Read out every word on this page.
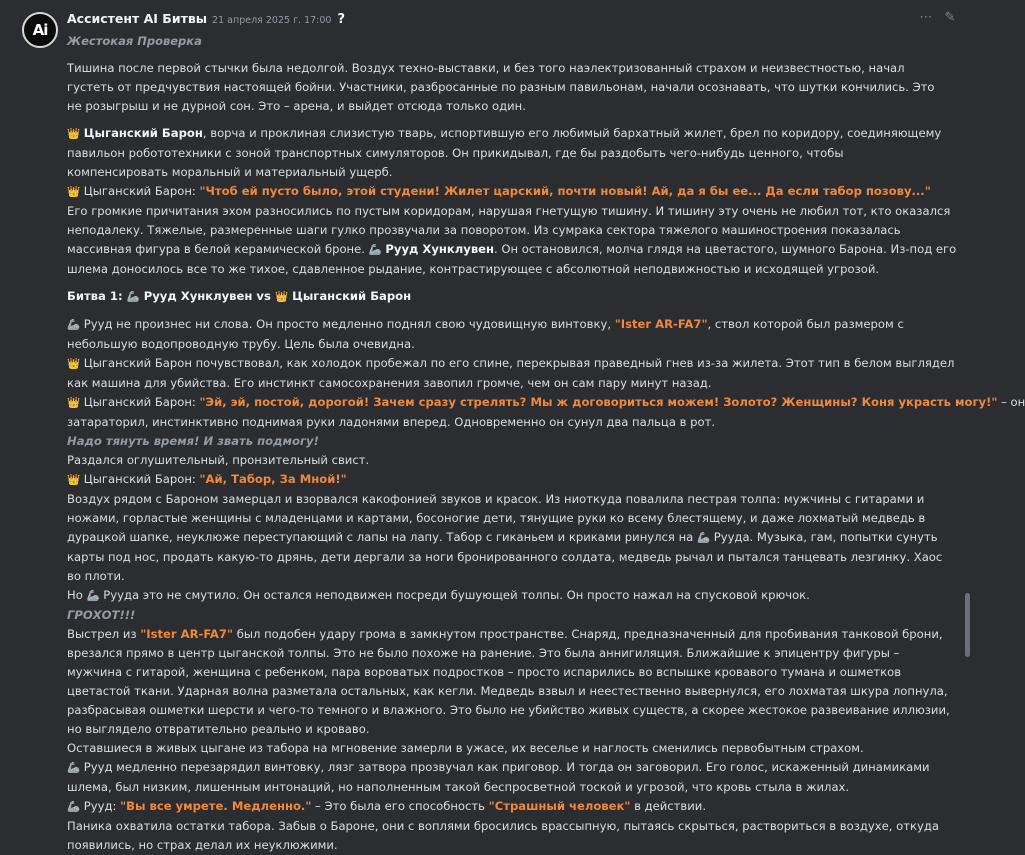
Ai
Ассистент AI Битвы 21 апреля 2025 г. 17:00 ?
Жестокая Проверка
⋯ ✎

Тишина после первой стычки была недолгой. Воздух техно-выставки, и без того наэлектризованный страхом и неизвестностью, начал

густеть от предчувствия настоящей бойни. Участники, разбросанные по разным павильонам, начали осознавать, что шутки кончились. Это

не розыгрыш и не дурной сон. Это – арена, и выйдет отсюда только один.

👑 Цыганский Барон, ворча и проклиная слизистую тварь, испортившую его любимый бархатный жилет, брел по коридору, соединяющему

павильон робототехники с зоной транспортных симуляторов. Он прикидывал, где бы раздобыть чего-нибудь ценного, чтобы

компенсировать моральный и материальный ущерб.

👑 Цыганский Барон: "Чтоб ей пусто было, этой студени! Жилет царский, почти новый! Ай, да я бы ее... Да если табор позову..."

Его громкие причитания эхом разносились по пустым коридорам, нарушая гнетущую тишину. И тишину эту очень не любил тот, кто оказался

неподалеку. Тяжелые, размеренные шаги гулко прозвучали за поворотом. Из сумрака сектора тяжелого машиностроения показалась

массивная фигура в белой керамической броне. 🦾 Рууд Хунклувен. Он остановился, молча глядя на цветастого, шумного Барона. Из-под его

шлема доносилось все то же тихое, сдавленное рыдание, контрастирующее с абсолютной неподвижностью и исходящей угрозой.

Битва 1: 🦾 Рууд Хунклувен vs 👑 Цыганский Барон

🦾 Рууд не произнес ни слова. Он просто медленно поднял свою чудовищную винтовку, "Ister AR-FA7", ствол которой был размером с

небольшую водопроводную трубу. Цель была очевидна.

👑 Цыганский Барон почувствовал, как холодок пробежал по его спине, перекрывая праведный гнев из-за жилета. Этот тип в белом выглядел

как машина для убийства. Его инстинкт самосохранения завопил громче, чем он сам пару минут назад.

👑 Цыганский Барон: "Эй, эй, постой, дорогой! Зачем сразу стрелять? Мы ж договориться можем! Золото? Женщины? Коня украсть могу!" – он

затараторил, инстинктивно поднимая руки ладонями вперед. Одновременно он сунул два пальца в рот.

Надо тянуть время! И звать подмогу!

Раздался оглушительный, пронзительный свист.

👑 Цыганский Барон: "Ай, Табор, За Мной!"

Воздух рядом с Бароном замерцал и взорвался какофонией звуков и красок. Из ниоткуда повалила пестрая толпа: мужчины с гитарами и

ножами, горластые женщины с младенцами и картами, босоногие дети, тянущие руки ко всему блестящему, и даже лохматый медведь в

дурацкой шапке, неуклюже переступающий с лапы на лапу. Табор с гиканьем и криками ринулся на 🦾 Рууда. Музыка, гам, попытки сунуть

карты под нос, продать какую-то дрянь, дети дергали за ноги бронированного солдата, медведь рычал и пытался танцевать лезгинку. Хаос

во плоти.

Но 🦾 Рууда это не смутило. Он остался неподвижен посреди бушующей толпы. Он просто нажал на спусковой крючок.

ГРОХОТ!!!

Выстрел из "Ister AR-FA7" был подобен удару грома в замкнутом пространстве. Снаряд, предназначенный для пробивания танковой брони,

врезался прямо в центр цыганской толпы. Это не было похоже на ранение. Это была аннигиляция. Ближайшие к эпицентру фигуры –

мужчина с гитарой, женщина с ребенком, пара вороватых подростков – просто испарились во вспышке кровавого тумана и ошметков

цветастой ткани. Ударная волна разметала остальных, как кегли. Медведь взвыл и неестественно вывернулся, его лохматая шкура лопнула,

разбрасывая ошметки шерсти и чего-то темного и влажного. Это было не убийство живых существ, а скорее жестокое развеивание иллюзии,

но выглядело отвратительно реально и кроваво.

Оставшиеся в живых цыгане из табора на мгновение замерли в ужасе, их веселье и наглость сменились первобытным страхом.

🦾 Рууд медленно перезарядил винтовку, лязг затвора прозвучал как приговор. И тогда он заговорил. Его голос, искаженный динамиками

шлема, был низким, лишенным интонаций, но наполненным такой беспросветной тоской и угрозой, что кровь стыла в жилах.

🦾 Рууд: "Вы все умрете. Медленно." – Это была его способность "Страшный человек" в действии.

Паника охватила остатки табора. Забыв о Бароне, они с воплями бросились врассыпную, пытаясь скрыться, раствориться в воздухе, откуда

появились, но страх делал их неуклюжими.
